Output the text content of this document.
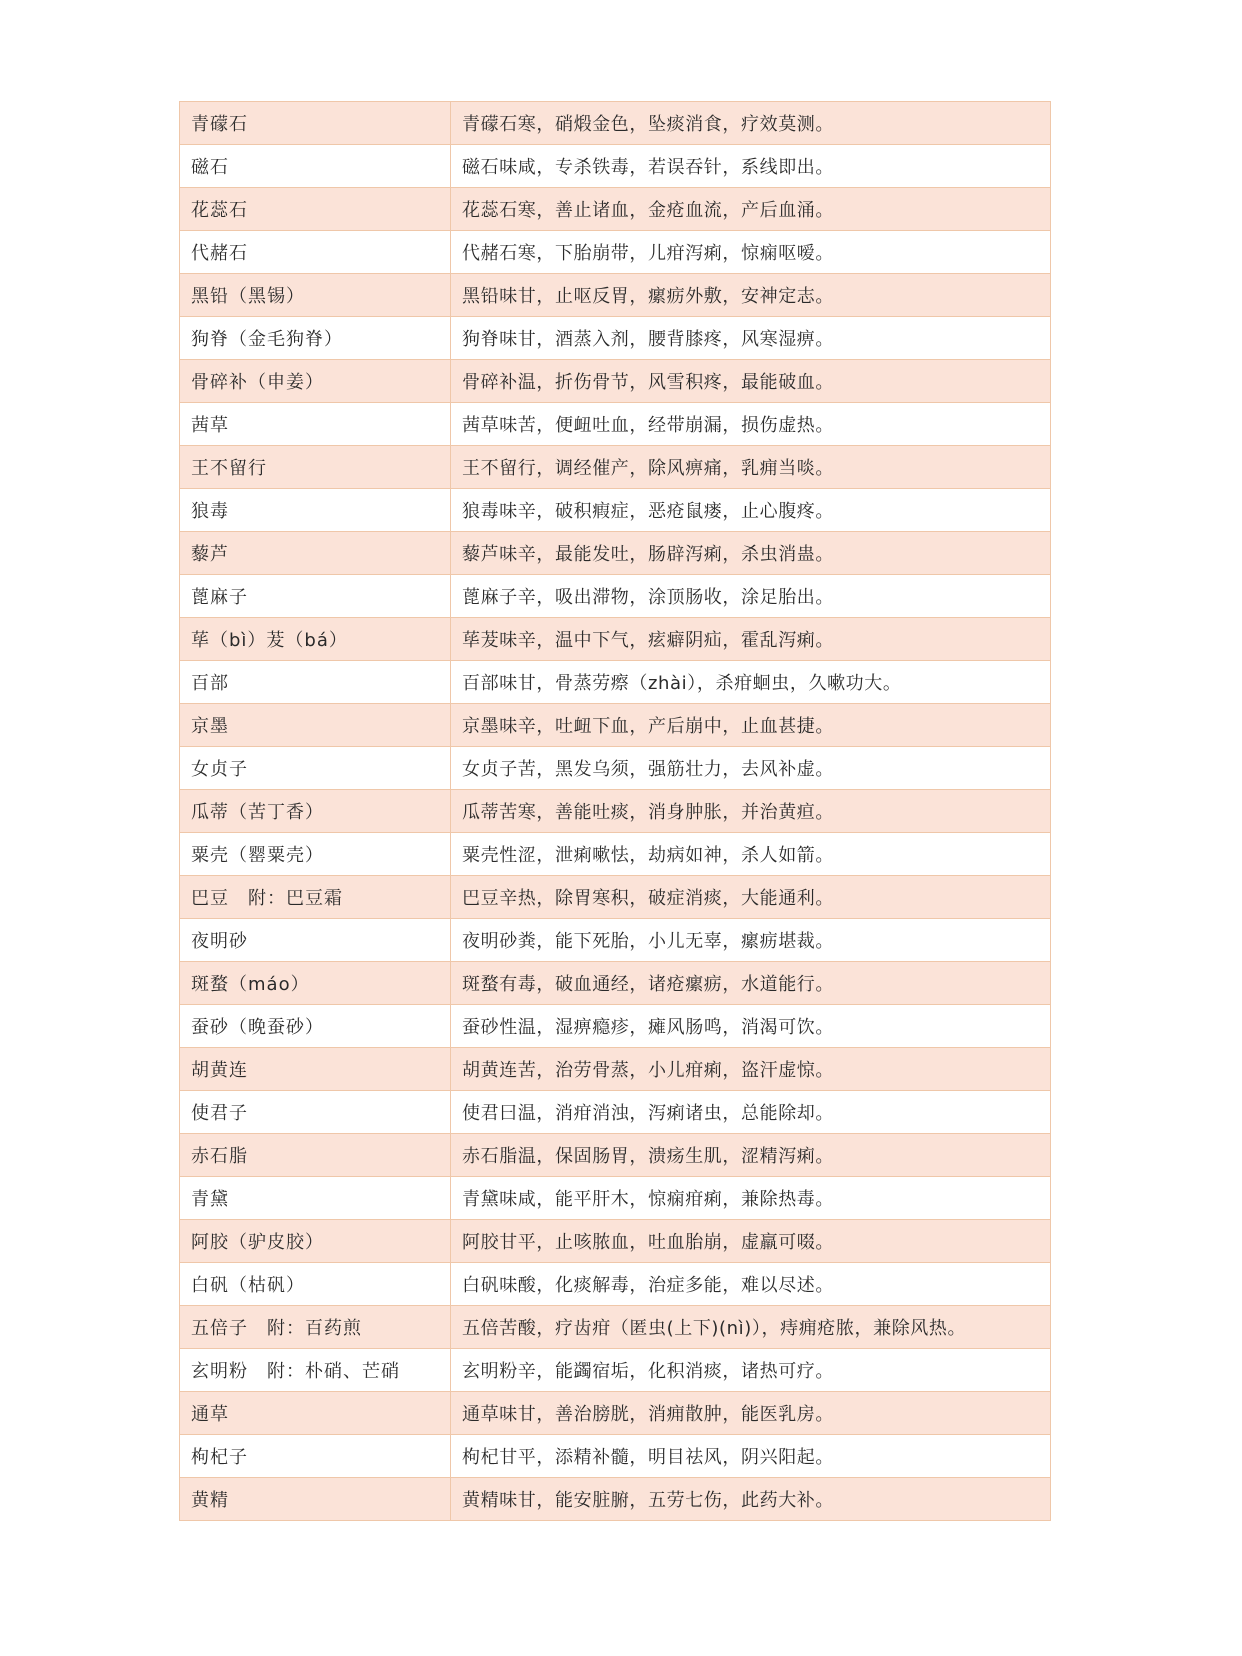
青礞石	青礞石寒，硝煅金色，坠痰消食，疗效莫测。
磁石	磁石味咸，专杀铁毒，若误吞针，系线即出。
花蕊石	花蕊石寒，善止诸血，金疮血流，产后血涌。
代赭石	代赭石寒，下胎崩带，儿疳泻痢，惊痫呕嗳。
黑铅（黑锡）	黑铅味甘，止呕反胃，瘰疬外敷，安神定志。
狗脊（金毛狗脊）	狗脊味甘，酒蒸入剂，腰背膝疼，风寒湿痹。
骨碎补（申姜）	骨碎补温，折伤骨节，风雪积疼，最能破血。
茜草	茜草味苦，便衄吐血，经带崩漏，损伤虚热。
王不留行	王不留行，调经催产，除风痹痛，乳痈当啖。
狼毒	狼毒味辛，破积瘕症，恶疮鼠瘘，止心腹疼。
藜芦	藜芦味辛，最能发吐，肠辟泻痢，杀虫消蛊。
蓖麻子	蓖麻子辛，吸出滞物，涂顶肠收，涂足胎出。
荜（bì）茇（bá）	荜茇味辛，温中下气，痃癖阴疝，霍乱泻痢。
百部	百部味甘，骨蒸劳瘵（zhài），杀疳蛔虫，久嗽功大。
京墨	京墨味辛，吐衄下血，产后崩中，止血甚捷。
女贞子	女贞子苦，黑发乌须，强筋壮力，去风补虚。
瓜蒂（苦丁香）	瓜蒂苦寒，善能吐痰，消身肿胀，并治黄疸。
粟壳（罂粟壳）	粟壳性涩，泄痢嗽怯，劫病如神，杀人如箭。
巴豆　附：巴豆霜	巴豆辛热，除胃寒积，破症消痰，大能通利。
夜明砂	夜明砂粪，能下死胎，小儿无辜，瘰疬堪裁。
斑蝥（máo）	斑蝥有毒，破血通经，诸疮瘰疬，水道能行。
蚕砂（晚蚕砂）	蚕砂性温，湿痹瘾疹，瘫风肠鸣，消渴可饮。
胡黄连	胡黄连苦，治劳骨蒸，小儿疳痢，盗汗虚惊。
使君子	使君曰温，消疳消浊，泻痢诸虫，总能除却。
赤石脂	赤石脂温，保固肠胃，溃疡生肌，涩精泻痢。
青黛	青黛味咸，能平肝木，惊痫疳痢，兼除热毒。
阿胶（驴皮胶）	阿胶甘平，止咳脓血，吐血胎崩，虚羸可啜。
白矾（枯矾）	白矾味酸，化痰解毒，治症多能，难以尽述。
五倍子　附：百药煎	五倍苦酸，疗齿疳（匿虫(上下)(nì)），痔痈疮脓，兼除风热。
玄明粉　附：朴硝、芒硝	玄明粉辛，能蠲宿垢，化积消痰，诸热可疗。
通草	通草味甘，善治膀胱，消痈散肿，能医乳房。
枸杞子	枸杞甘平，添精补髓，明目祛风，阴兴阳起。
黄精	黄精味甘，能安脏腑，五劳七伤，此药大补。
